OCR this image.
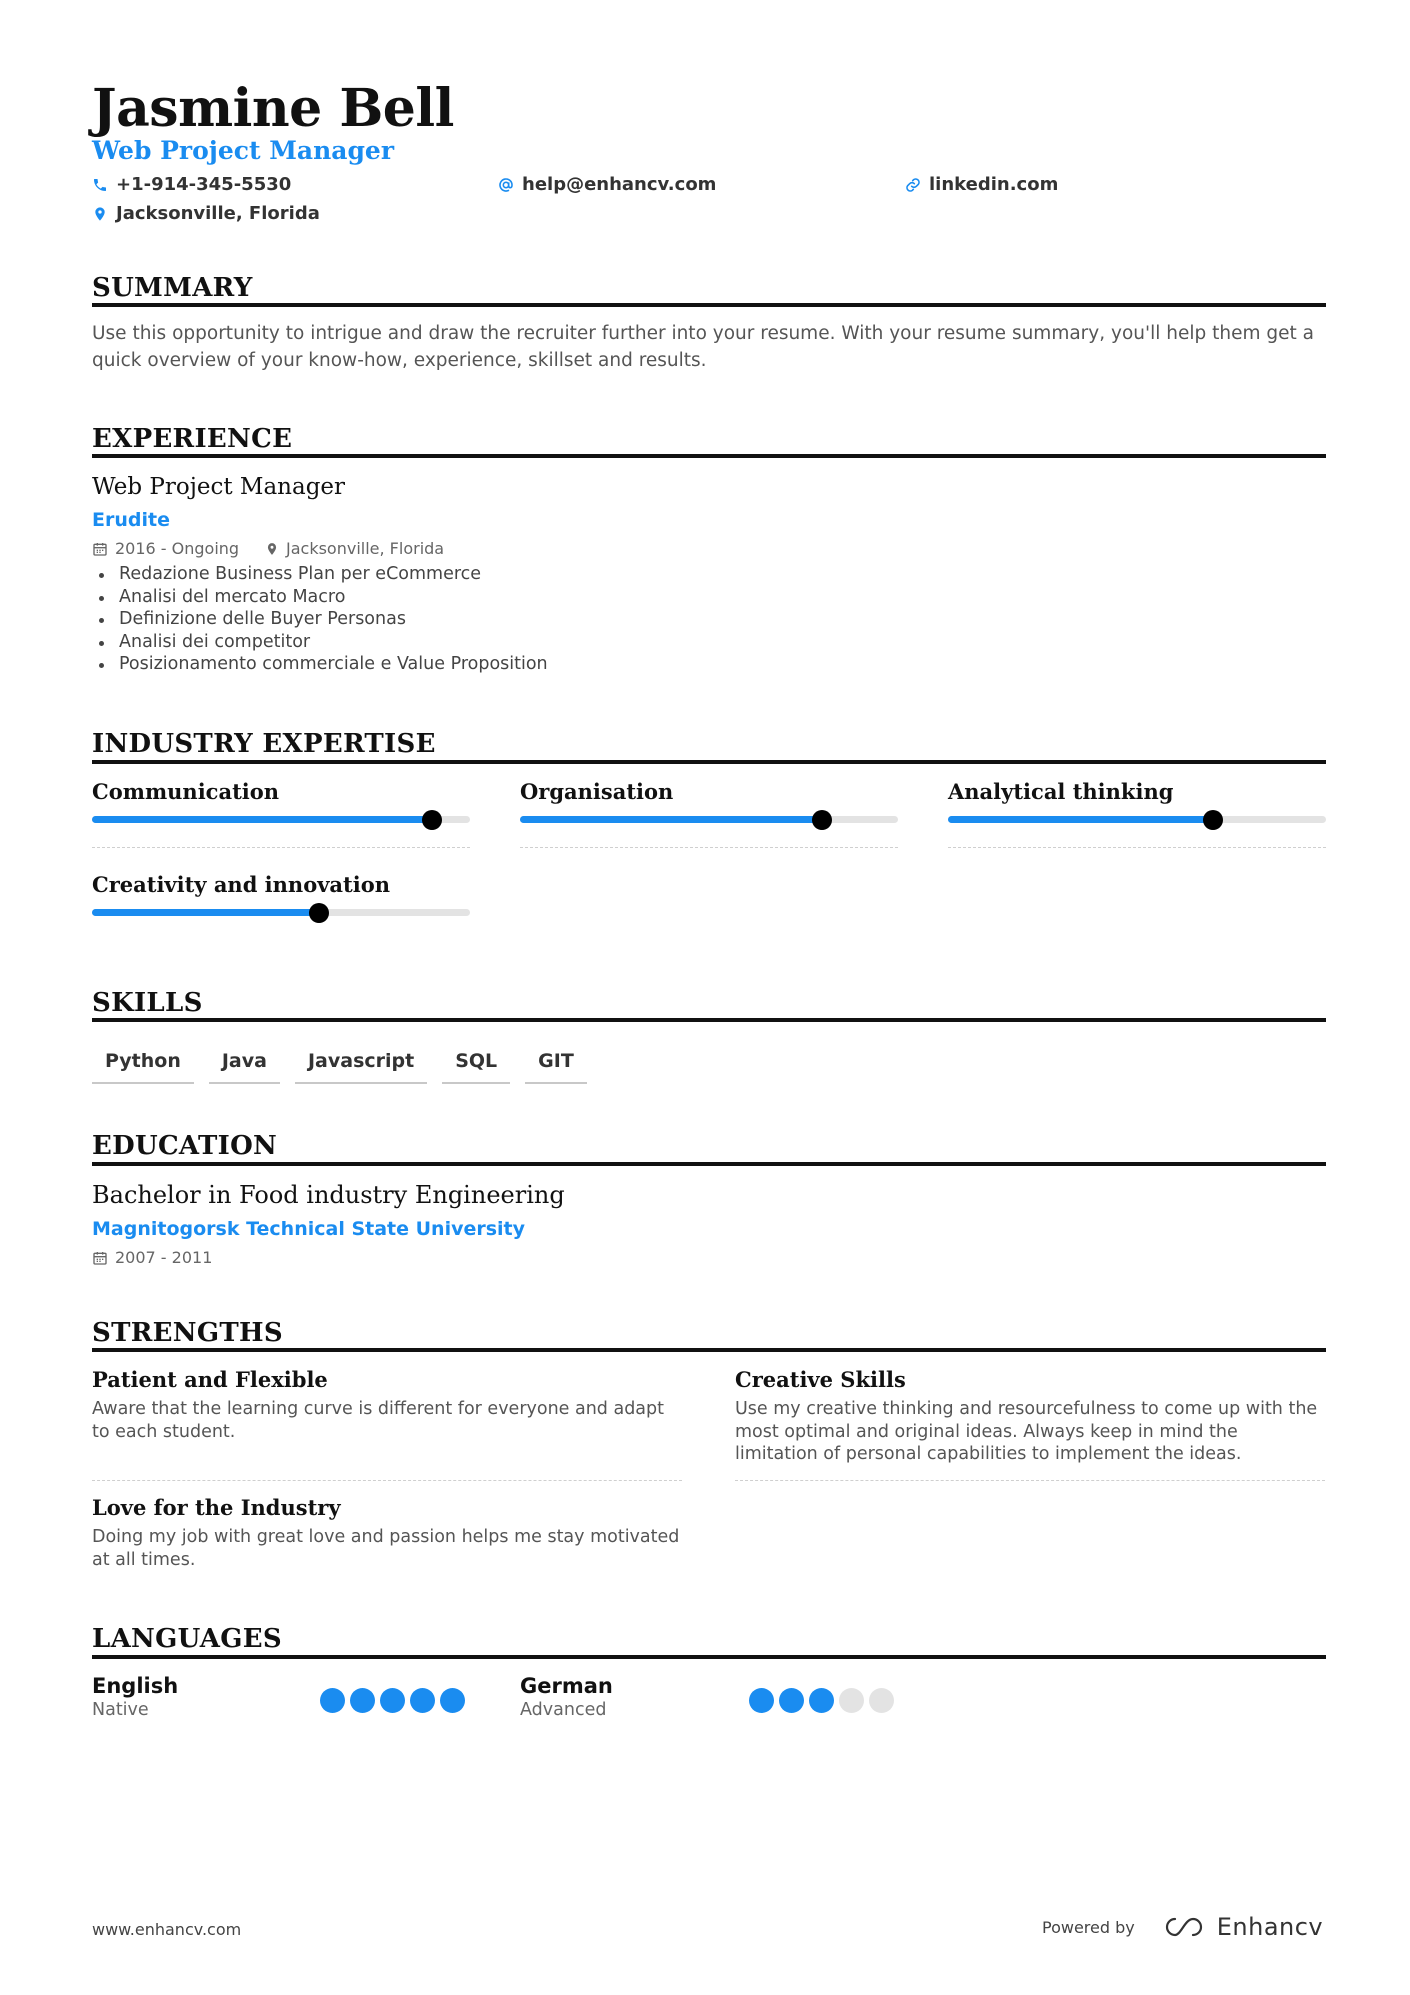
Jasmine Bell
Web Project Manager
+1-914-345-5530	help@enhancv.com	linkedin.com
Jacksonville, Florida
SUMMARY
Use this opportunity to intrigue and draw the recruiter further into your resume. With your resume summary, you'll help them get a quick overview of your know-how, experience, skillset and results.
EXPERIENCE
Web Project Manager
Erudite
2016 - Ongoing	Jacksonville, Florida
Redazione Business Plan per eCommerce
Analisi del mercato Macro
Definizione delle Buyer Personas
Analisi dei competitor
Posizionamento commerciale e Value Proposition
INDUSTRY EXPERTISE
Communication	Organisation	Analytical thinking
Creativity and innovation
SKILLS
Python	Java	Javascript	SQL	GIT
EDUCATION
Bachelor in Food industry Engineering
Magnitogorsk Technical State University
2007 - 2011
STRENGTHS
Patient and Flexible

Aware that the learning curve is different for everyone and adapt to each student.

Creative Skills

Use my creative thinking and resourcefulness to come up with the most optimal and original ideas. Always keep in mind the limitation of personal capabilities to implement the ideas.

Love for the Industry

Doing my job with great love and passion helps me stay motivated at all times.

LANGUAGES
English
Native
German
Advanced
www.enhancv.com	Powered by	Enhancv
